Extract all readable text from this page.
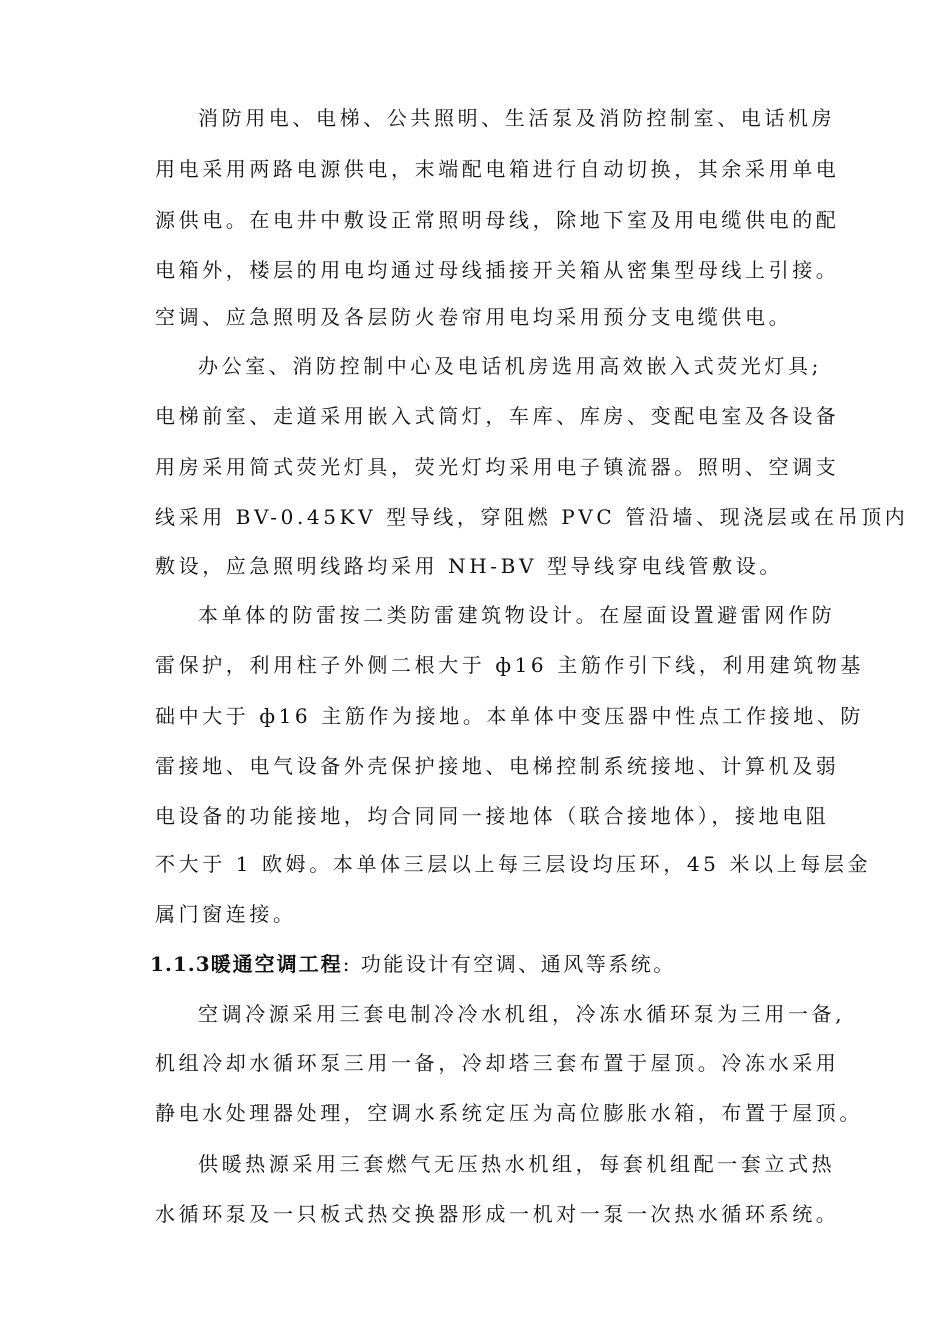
消防用电、电梯、公共照明、生活泵及消防控制室、电话机房
用电采用两路电源供电，末端配电箱进行自动切换，其余采用单电
源供电。在电井中敷设正常照明母线，除地下室及用电缆供电的配
电箱外，楼层的用电均通过母线插接开关箱从密集型母线上引接。
空调、应急照明及各层防火卷帘用电均采用预分支电缆供电。
办公室、消防控制中心及电话机房选用高效嵌入式荧光灯具;
电梯前室、走道采用嵌入式筒灯，车库、库房、变配电室及各设备
用房采用简式荧光灯具，荧光灯均采用电子镇流器。照明、空调支
线采用 BV-0.45KV 型导线，穿阻燃 PVC 管沿墙、现浇层或在吊顶内
敷设，应急照明线路均采用 NH-BV 型导线穿电线管敷设。
本单体的防雷按二类防雷建筑物设计。在屋面设置避雷网作防
雷保护，利用柱子外侧二根大于 ф16 主筋作引下线，利用建筑物基
础中大于 ф16 主筋作为接地。本单体中变压器中性点工作接地、防
雷接地、电气设备外壳保护接地、电梯控制系统接地、计算机及弱
电设备的功能接地，均合同同一接地体（联合接地体），接地电阻
不大于 1 欧姆。本单体三层以上每三层设均压环，45 米以上每层金
属门窗连接。
1.1.3暖通空调工程: 功能设计有空调、通风等系统。
空调冷源采用三套电制冷冷水机组，冷冻水循环泵为三用一备,
机组冷却水循环泵三用一备，冷却塔三套布置于屋顶。冷冻水采用
静电水处理器处理，空调水系统定压为高位膨胀水箱，布置于屋顶。
供暖热源采用三套燃气无压热水机组，每套机组配一套立式热
水循环泵及一只板式热交换器形成一机对一泵一次热水循环系统。
